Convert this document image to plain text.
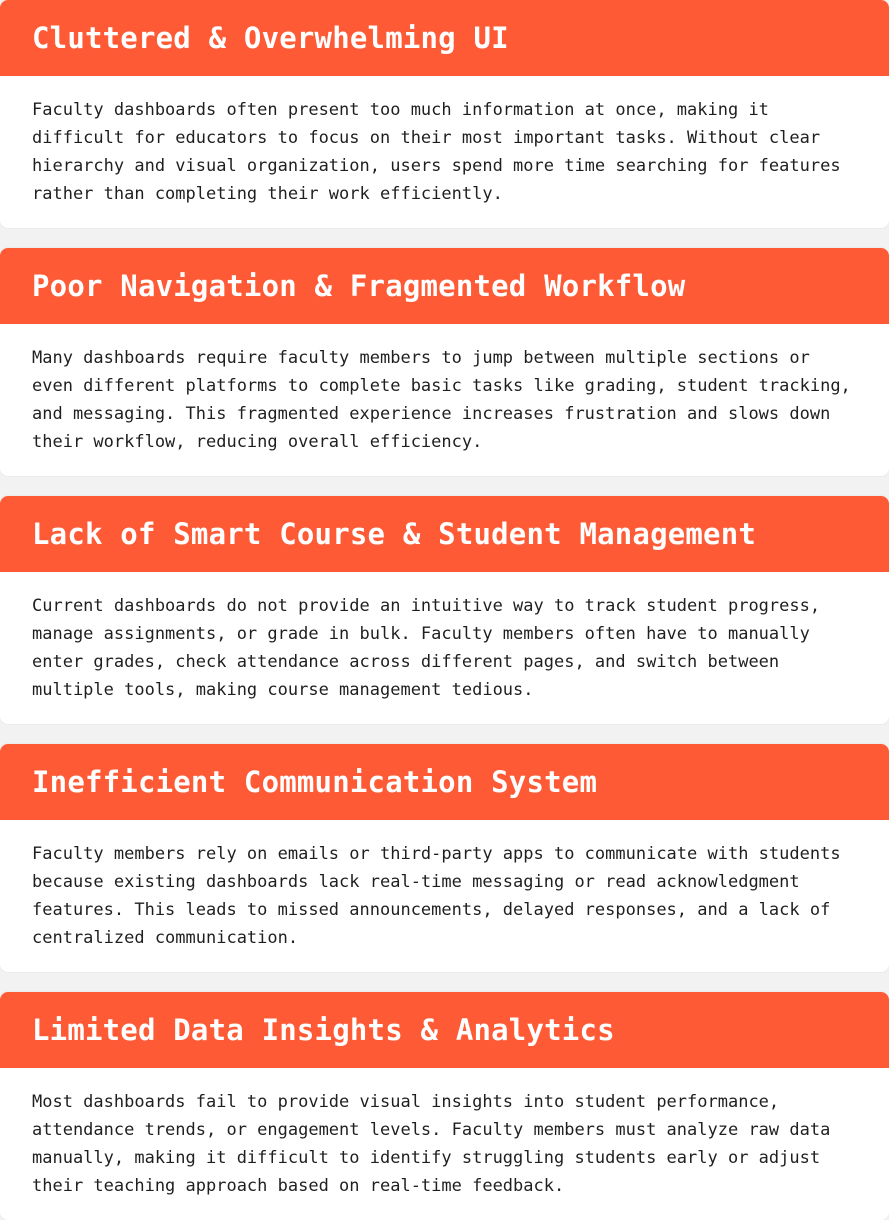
Cluttered & Overwhelming UI

Faculty dashboards often present too much information at once, making it difficult for educators to focus on their most important tasks. Without clear hierarchy and visual organization, users spend more time searching for features rather than completing their work efficiently.

Poor Navigation & Fragmented Workflow

Many dashboards require faculty members to jump between multiple sections or even different platforms to complete basic tasks like grading, student tracking, and messaging. This fragmented experience increases frustration and slows down their workflow, reducing overall efficiency.

Lack of Smart Course & Student Management

Current dashboards do not provide an intuitive way to track student progress, manage assignments, or grade in bulk. Faculty members often have to manually enter grades, check attendance across different pages, and switch between multiple tools, making course management tedious.

Inefficient Communication System

Faculty members rely on emails or third-party apps to communicate with students because existing dashboards lack real-time messaging or read acknowledgment features. This leads to missed announcements, delayed responses, and a lack of centralized communication.

Limited Data Insights & Analytics

Most dashboards fail to provide visual insights into student performance, attendance trends, or engagement levels. Faculty members must analyze raw data manually, making it difficult to identify struggling students early or adjust their teaching approach based on real-time feedback.
